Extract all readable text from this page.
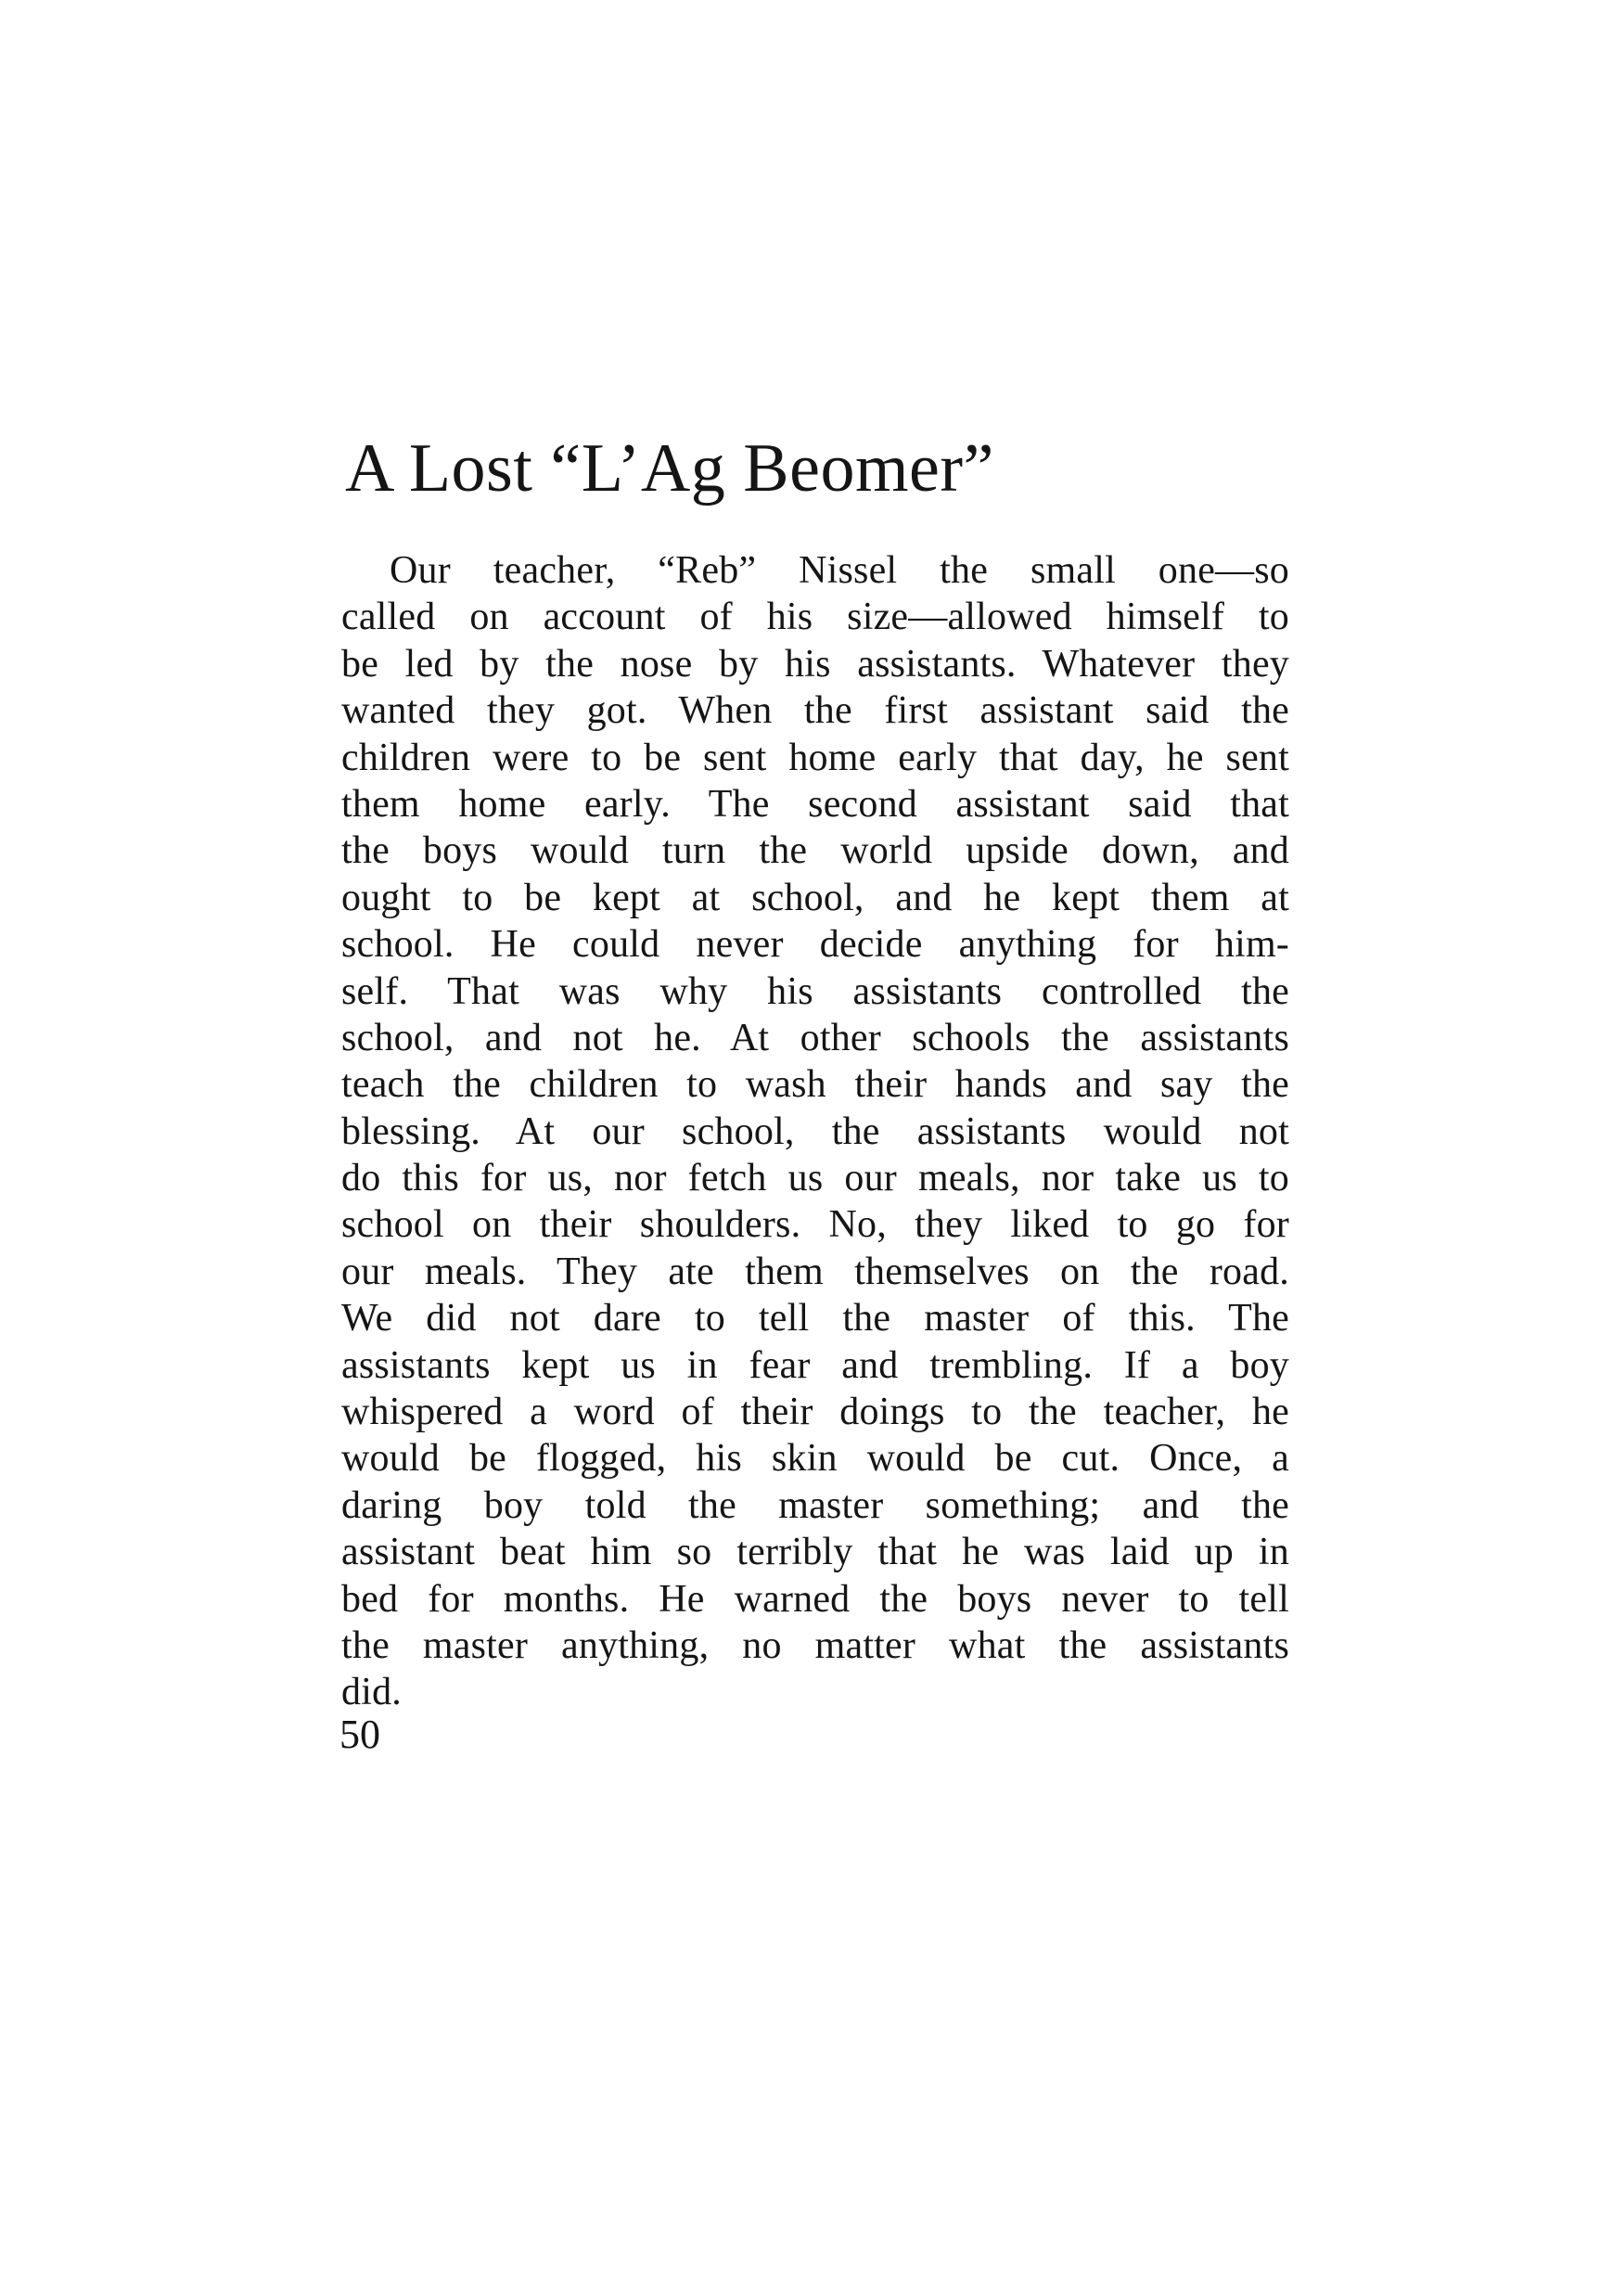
A Lost “L’Ag Beomer”
Our teacher, “Reb” Nissel the small one—so
called on account of his size—allowed himself to
be led by the nose by his assistants. Whatever they
wanted they got. When the first assistant said the
children were to be sent home early that day, he sent
them home early. The second assistant said that
the boys would turn the world upside down, and
ought to be kept at school, and he kept them at
school. He could never decide anything for him-
self. That was why his assistants controlled the
school, and not he. At other schools the assistants
teach the children to wash their hands and say the
blessing. At our school, the assistants would not
do this for us, nor fetch us our meals, nor take us to
school on their shoulders. No, they liked to go for
our meals. They ate them themselves on the road.
We did not dare to tell the master of this. The
assistants kept us in fear and trembling. If a boy
whispered a word of their doings to the teacher, he
would be flogged, his skin would be cut. Once, a
daring boy told the master something; and the
assistant beat him so terribly that he was laid up in
bed for months. He warned the boys never to tell
the master anything, no matter what the assistants
did.
50
